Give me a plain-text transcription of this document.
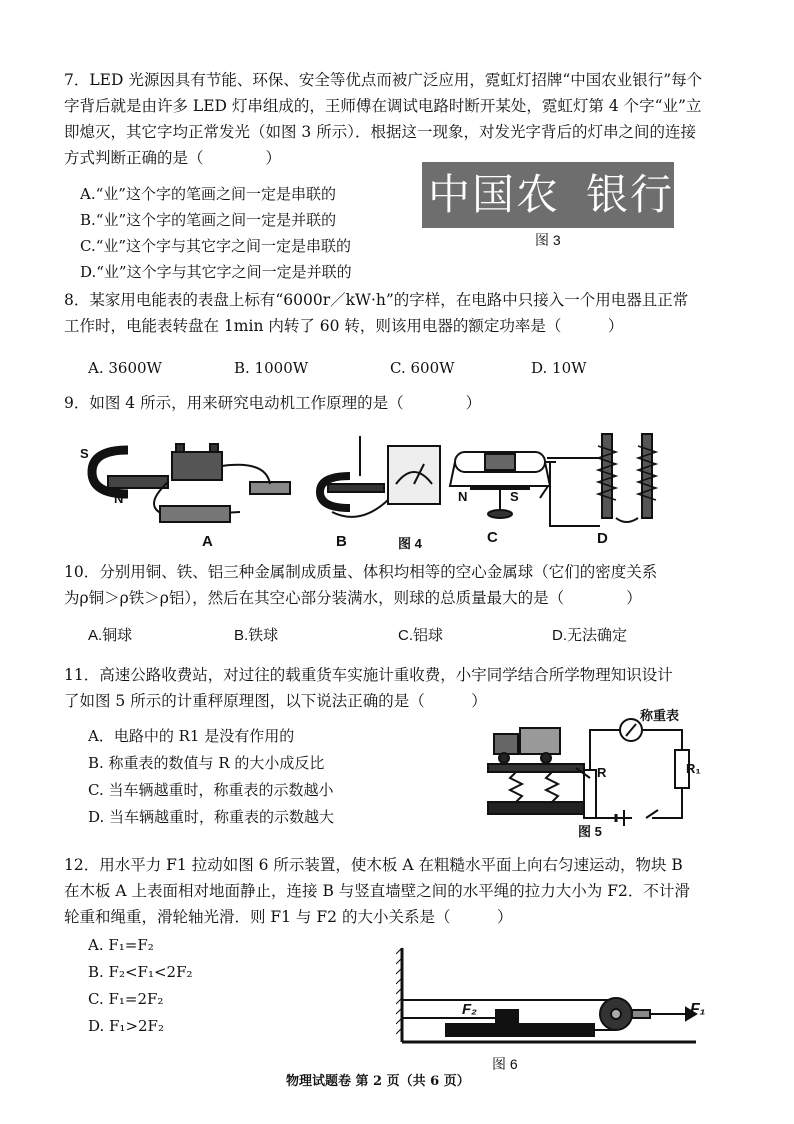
7．LED 光源因具有节能、环保、安全等优点而被广泛应用，霓虹灯招牌“中国农业银行”每个
字背后就是由许多 LED 灯串组成的，王师傅在调试电路时断开某处，霓虹灯第 4 个字“业”立
即熄灭，其它字均正常发光（如图 3 所示）．根据这一现象，对发光字背后的灯串之间的连接
方式判断正确的是（　　　　）
A.“业”这个字的笔画之间一定是串联的
B.“业”这个字的笔画之间一定是并联的
C.“业”这个字与其它字之间一定是串联的
D.“业”这个字与其它字之间一定是并联的
中国农 银行
图 3
8．某家用电能表的表盘上标有“6000r／kW·h”的字样，在电路中只接入一个用电器且正常
工作时，电能表转盘在 1min 内转了 60 转，则该用电器的额定功率是（　　　）
A. 3600W	B. 1000W	C. 600W	D. 10W
9．如图 4 所示，用来研究电动机工作原理的是（　　　　）
S
N	N	S
A	B	图 4	C	D
10．分别用铜、铁、铝三种金属制成质量、体积均相等的空心金属球（它们的密度关系
为ρ铜＞ρ铁＞ρ铝），然后在其空心部分装满水，则球的总质量最大的是（　　　　）
A.铜球	B.铁球	C.铝球	D.无法确定
11．高速公路收费站，对过往的载重货车实施计重收费，小宇同学结合所学物理知识设计
了如图 5 所示的计重秤原理图，以下说法正确的是（　　　）
A．电路中的 R1 是没有作用的
B. 称重表的数值与 R 的大小成反比
C. 当车辆越重时，称重表的示数越小
D. 当车辆越重时，称重表的示数越大
称重表
R	R₁
图 5
12．用水平力 F1 拉动如图 6 所示装置，使木板 A 在粗糙水平面上向右匀速运动，物块 B
在木板 A 上表面相对地面静止，连接 B 与竖直墙壁之间的水平绳的拉力大小为 F2．不计滑
轮重和绳重，滑轮轴光滑．则 F1 与 F2 的大小关系是（　　　）
A. F₁=F₂
B. F₂<F₁<2F₂
C. F₁=2F₂
D. F₁>2F₂
F₂	F₁
图 6
物理试题卷 第 2 页（共 6 页）
